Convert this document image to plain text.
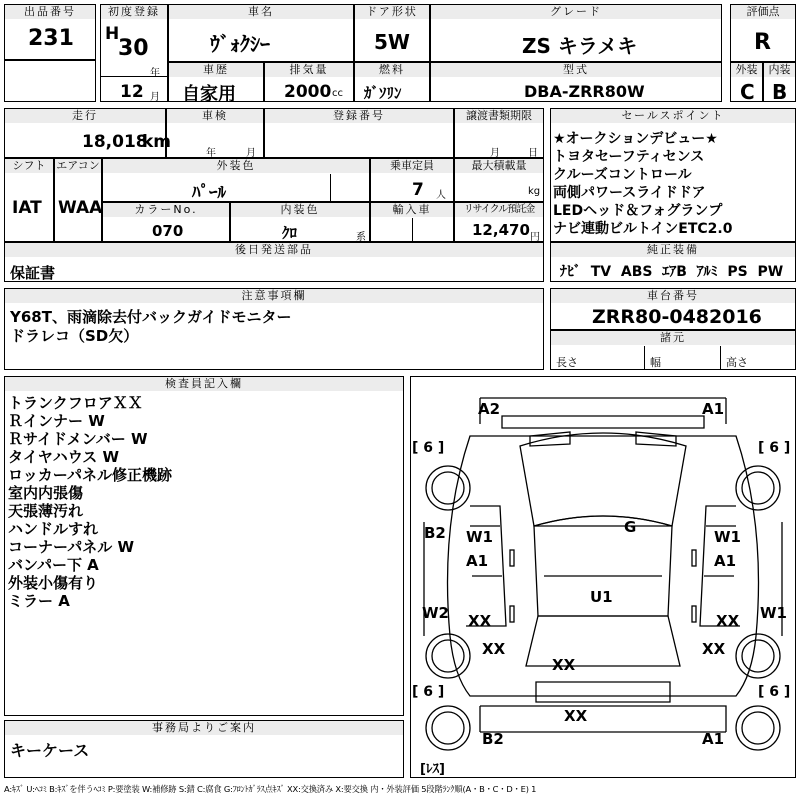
出品番号
231
初度登録
H
30
年
12 月
車名
ｳﾞｫｸｼｰ
ドア形状
5W
グレード
ZS キラメキ
評価点
R
車歴
自家用
排気量
2000 cc
燃料
ｶﾞｿﾘﾝ
型式
DBA-ZRR80W
外装	内装
C B
走行
18,018
km
車検
年	月
登録番号	譲渡書類期限
月	日
シフト
IAT
エアコン
WAA
外装色
ﾊﾟｰﾙ
乗車定員
7 人
最大積載量
kg
カラーNo.
070
内装色
ｸﾛ	系
輸入車	リサイクル預託金
12,470 円
後日発送部品
保証書
セールスポイント
★オークションデビュー★
トヨタセーフティセンス
クルーズコントロール
両側パワースライドドア
LEDヘッド＆フォグランプ
ナビ連動ビルトインETC2.0
純正装備
ﾅﾋﾞ TV ABS ｴｱB ｱﾙﾐ PS PW
注意事項欄
Y68T、雨滴除去付バックガイドモニター
ドラレコ（SD欠）
車台番号
ZRR80-0482016
諸元
長さ	幅	高さ
検査員記入欄
トランクフロアＸＸ
Ｒインナー W
Ｒサイドメンバー W
タイヤハウス W
ロッカーパネル修正機跡
室内内張傷
天張薄汚れ
ハンドルすれ
コーナーパネル W
バンパー下 A
外装小傷有り
ミラー A
事務局よりご案内
キーケース
A2	A1
G
W1
A1
W1
A1
B2
U1
W2 XX	XX W1
XX	XX
XX
XX
B2	A1
[ 6 ]	[ 6 ]
[ 6 ]	[ 6 ]
[ﾚｽ]
A:ｷｽﾞ U:ﾍｺﾐ B:ｷｽﾞを伴うﾍｺﾐ P:要塗装 W:補修跡 S:錆 C:腐食 G:ﾌﾛﾝﾄｶﾞﾗｽ点ｷｽﾞ XX:交換済み X:要交換 内・外装評価 5段階ﾗﾝｸ順(A・B・C・D・E) 1
